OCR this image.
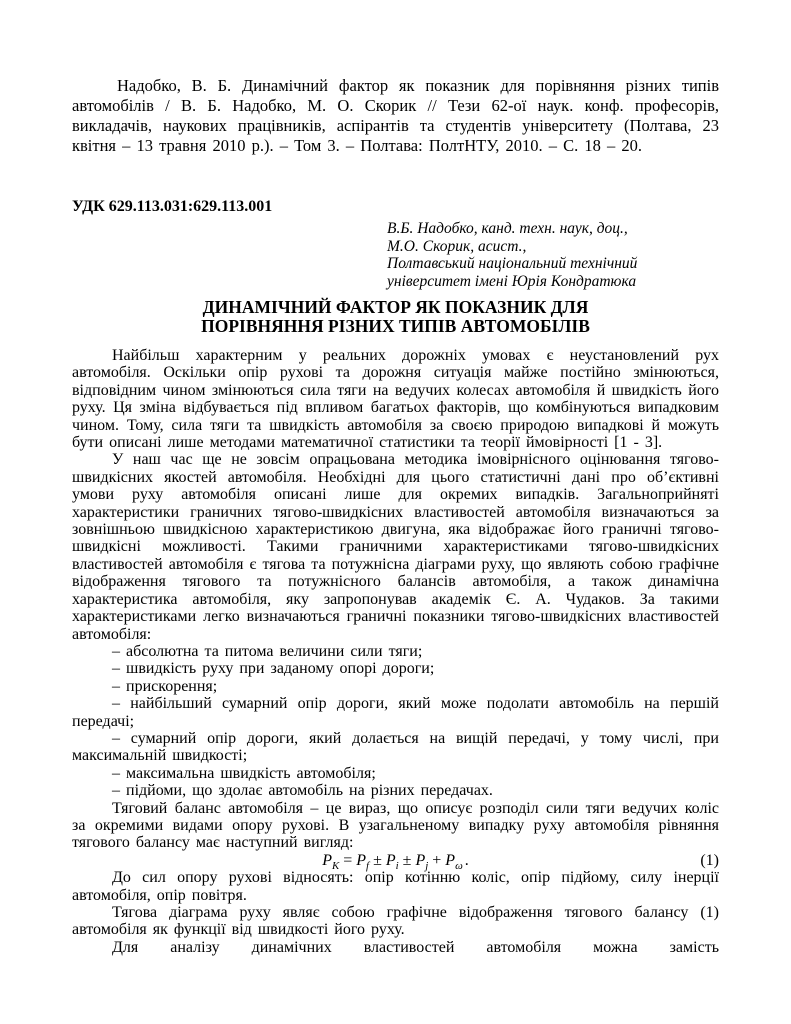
Надобко, В. Б. Динамічний фактор як показник для порівняння різних типів автомобілів / В. Б. Надобко, М. О. Скорик // Тези 62-ої наук. конф. професорів, викладачів, наукових працівників, аспірантів та студентів університету (Полтава, 23 квітня – 13 травня 2010 р.). – Том 3. – Полтава: ПолтНТУ, 2010. – С. 18 – 20.

УДК 629.113.031:629.113.001

В.Б. Надобко, канд. техн. наук, доц.,

М.О. Скорик, асист.,

Полтавський національний технічний

університет імені Юрія Кондратюка

ДИНАМІЧНИЙ ФАКТОР ЯК ПОКАЗНИК ДЛЯ
ПОРІВНЯННЯ РІЗНИХ ТИПІВ АВТОМОБІЛІВ

Найбільш характерним у реальних дорожніх умовах є неустановлений рух автомобіля. Оскільки опір рухові та дорожня ситуація майже постійно змінюються, відповідним чином змінюються сила тяги на ведучих колесах автомобіля й швидкість його руху. Ця зміна відбувається під впливом багатьох факторів, що комбінуються випадковим чином. Тому, сила тяги та швидкість автомобіля за своєю природою випадкові й можуть бути описані лише методами математичної статистики та теорії ймовірності [1 - 3].

У наш час ще не зовсім опрацьована методика імовірнісного оцінювання тягово-швидкісних якостей автомобіля. Необхідні для цього статистичні дані про об’єктивні умови руху автомобіля описані лише для окремих випадків. Загальноприйняті характеристики граничних тягово-швидкісних властивостей автомобіля визначаються за зовнішньою швидкісною характеристикою двигуна, яка відображає його граничні тягово-швидкісні можливості. Такими граничними характеристиками тягово-швидкісних властивостей автомобіля є тягова та потужнісна діаграми руху, що являють собою графічне відображення тягового та потужнісного балансів автомобіля, а також динамічна характеристика автомобіля, яку запропонував академік Є. А. Чудаков. За такими характеристиками легко визначаються граничні показники тягово-швидкісних властивостей автомобіля:

– абсолютна та питома величини сили тяги;

– швидкість руху при заданому опорі дороги;

– прискорення;

– найбільший сумарний опір дороги, який може подолати автомобіль на першій передачі;

– сумарний опір дороги, який долається на вищій передачі, у тому числі, при максимальній швидкості;

– максимальна швидкість автомобіля;

– підйоми, що здолає автомобіль на різних передачах.

Тяговий баланс автомобіля – це вираз, що описує розподіл сили тяги ведучих коліс за окремими видами опору рухові. В узагальненому випадку руху автомобіля рівняння тягового балансу має наступний вигляд:

$P_К = P_f \pm P_i \pm P_j + P_\omega$ .	(1)

До сил опору рухові відносять: опір котінню коліс, опір підйому, силу інерції автомобіля, опір повітря.

Тягова діаграма руху являє собою графічне відображення тягового балансу (1) автомобіля як функції від швидкості його руху.

Для аналізу динамічних властивостей автомобіля можна замість
